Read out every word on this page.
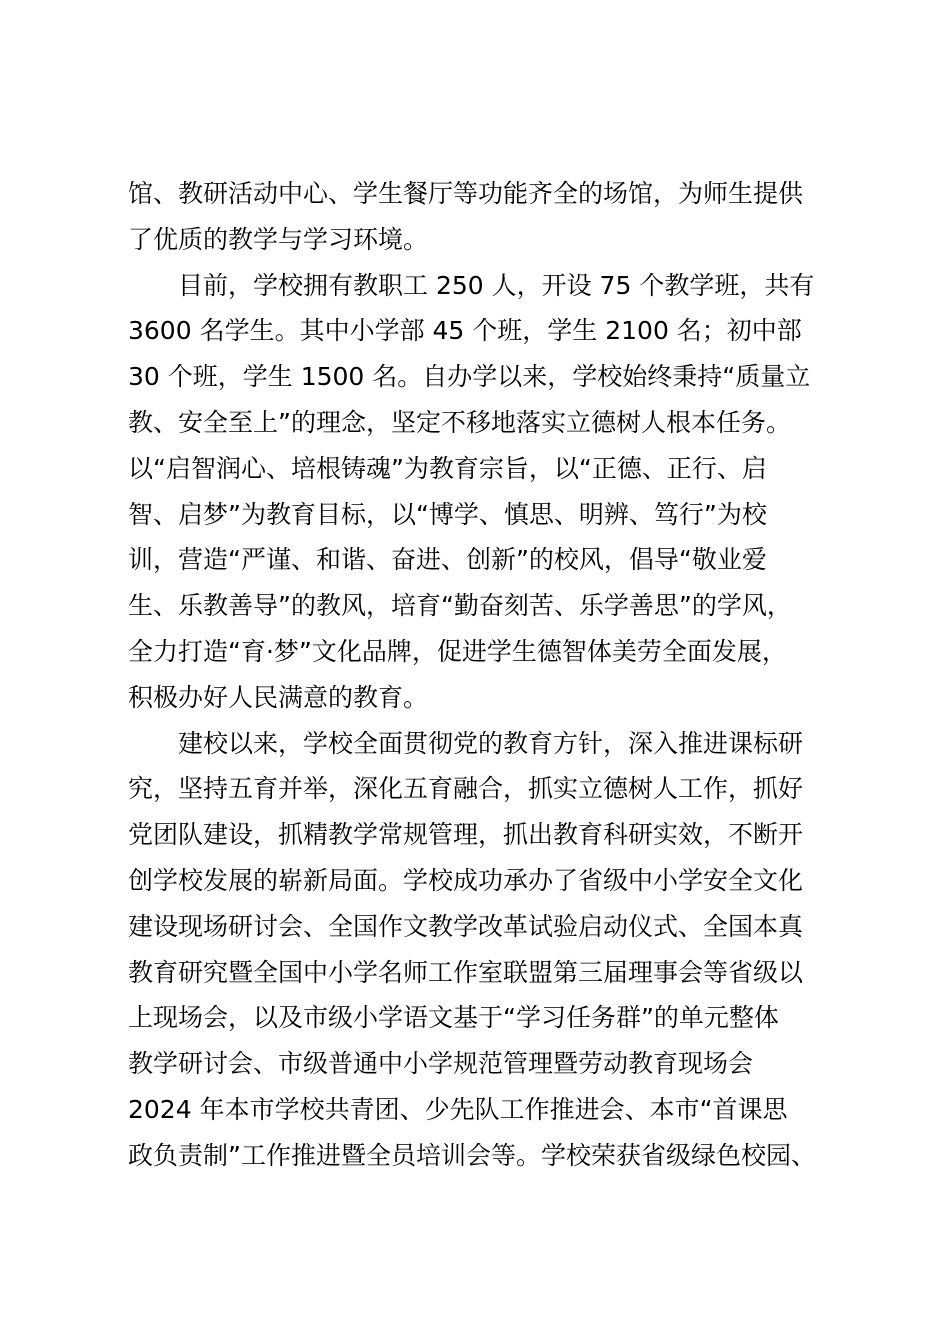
馆、教研活动中心、学生餐厅等功能齐全的场馆，为师生提供
了优质的教学与学习环境。
目前，学校拥有教职工 250 人，开设 75 个教学班，共有
3600 名学生。其中小学部 45 个班，学生 2100 名；初中部
30 个班，学生 1500 名。自办学以来，学校始终秉持“质量立
教、安全至上”的理念，坚定不移地落实立德树人根本任务。
以“启智润心、培根铸魂”为教育宗旨，以“正德、正行、启
智、启梦”为教育目标，以“博学、慎思、明辨、笃行”为校
训，营造“严谨、和谐、奋进、创新”的校风，倡导“敬业爱
生、乐教善导”的教风，培育“勤奋刻苦、乐学善思”的学风，
全力打造“育·梦”文化品牌，促进学生德智体美劳全面发展，
积极办好人民满意的教育。
建校以来，学校全面贯彻党的教育方针，深入推进课标研
究，坚持五育并举，深化五育融合，抓实立德树人工作，抓好
党团队建设，抓精教学常规管理，抓出教育科研实效，不断开
创学校发展的崭新局面。学校成功承办了省级中小学安全文化
建设现场研讨会、全国作文教学改革试验启动仪式、全国本真
教育研究暨全国中小学名师工作室联盟第三届理事会等省级以
上现场会，以及市级小学语文基于“学习任务群”的单元整体
教学研讨会、市级普通中小学规范管理暨劳动教育现场会
2024 年本市学校共青团、少先队工作推进会、本市“首课思
政负责制”工作推进暨全员培训会等。学校荣获省级绿色校园、
